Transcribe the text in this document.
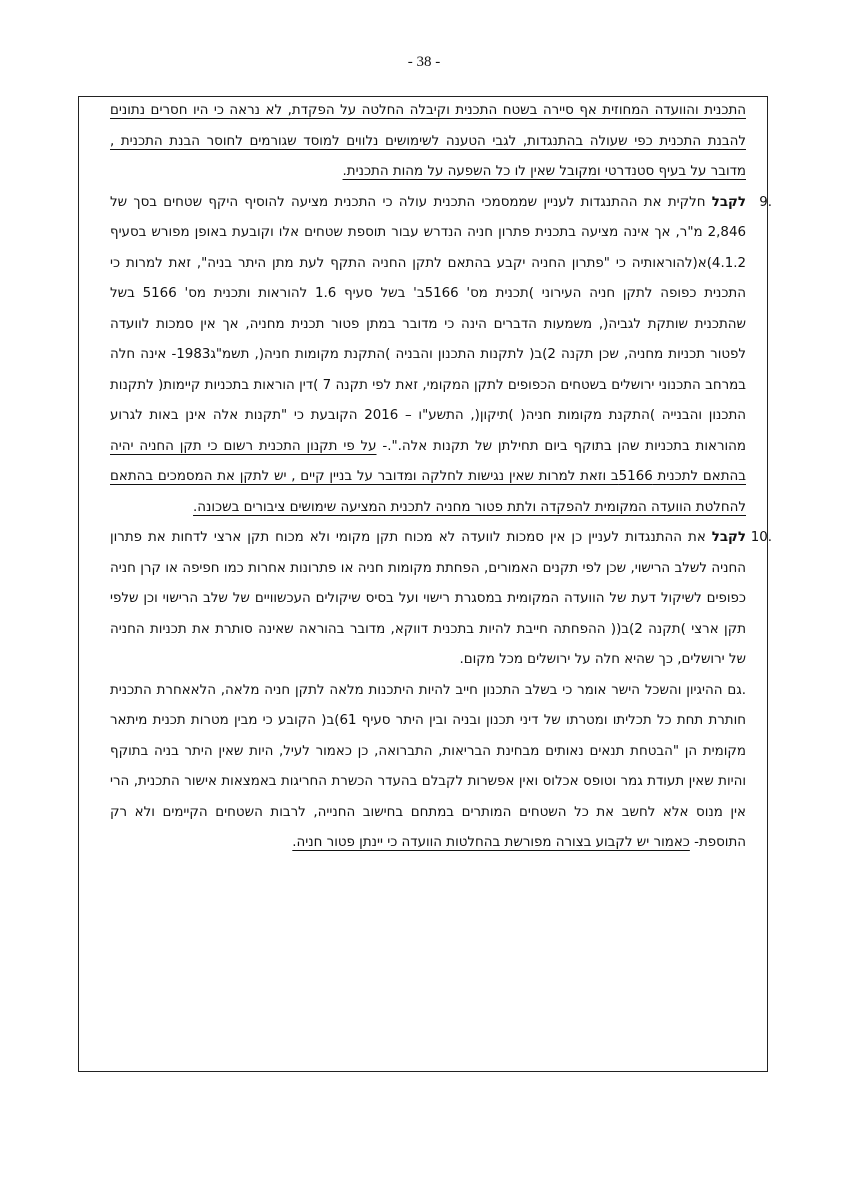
- 38 -

התכנית והוועדה המחוזית אף סיירה בשטח התכנית וקיבלה החלטה על הפקדת, לא נראה כי היו חסרים נתונים להבנת התכנית כפי שעולה בהתנגדות, לגבי הטענה לשימושים נלווים למוסד שגורמים לחוסר הבנת התכנית , מדובר על בעיף סטנדרטי ומקובל שאין לו כל השפעה על מהות התכנית.

9.

לקבל חלקית את ההתנגדות לעניין שממסמכי התכנית עולה כי התכנית מציעה להוסיף היקף שטחים בסך של 2,846 מ"ר, אך אינה מציעה בתכנית פתרון חניה הנדרש עבור תוספת שטחים אלו וקובעת באופן מפורש בסעיף 4.1.2)א(להוראותיה כי "פתרון החניה יקבע בהתאם לתקן החניה התקף לעת מתן היתר בניה", זאת למרות כי התכנית כפופה לתקן חניה העירוני )תכנית מס' 5166ב' בשל סעיף 1.6 להוראות ותכנית מס' 5166 בשל שהתכנית שותקת לגביה(, משמעות הדברים הינה כי מדובר במתן פטור תכנית מחניה, אך אין סמכות לוועדה לפטור תכניות מחניה, שכן תקנה 2)ב( לתקנות התכנון והבניה )התקנת מקומות חניה(, תשמ"ג1983- אינה חלה במרחב התכנוני ירושלים בשטחים הכפופים לתקן המקומי, זאת לפי תקנה 7 )דין הוראות בתכניות קיימות( לתקנות התכנון והבנייה )התקנת מקומות חניה( )תיקון(, התשע"ו – 2016 הקובעת כי "תקנות אלה אינן באות לגרוע מהוראות בתכניות שהן בתוקף ביום תחילתן של תקנות אלה.".- על פי תקנון התכנית רשום כי תקן החניה יהיה בהתאם לתכנית 5166ב וזאת למרות שאין נגישות לחלקה ומדובר על בניין קיים , יש לתקן את המסמכים בהתאם להחלטת הוועדה המקומית להפקדה ולתת פטור מחניה לתכנית המציעה שימושים ציבורים בשכונה.

10.

לקבל את ההתנגדות לעניין כן אין סמכות לוועדה לא מכוח תקן מקומי ולא מכוח תקן ארצי לדחות את פתרון החניה לשלב הרישוי, שכן לפי תקנים האמורים, הפחתת מקומות חניה או פתרונות אחרות כמו חפיפה או קרן חניה כפופים לשיקול דעת של הוועדה המקומית במסגרת רישוי ועל בסיס שיקולים העכשוויים של שלב הרישוי וכן שלפי תקן ארצי )תקנה 2)ב(( ההפחתה חייבת להיות בתכנית דווקא, מדובר בהוראה שאינה סותרת את תכניות החניה של ירושלים, כך שהיא חלה על ירושלים מכל מקום.

.גם ההיגיון והשכל הישר אומר כי בשלב התכנון חייב להיות היתכנות מלאה לתקן חניה מלאה, הלאאחרת התכנית חותרת תחת כל תכליתו ומטרתו של דיני תכנון ובניה ובין היתר סעיף 61)ב( הקובע כי מבין מטרות תכנית מיתאר מקומית הן "הבטחת תנאים נאותים מבחינת הבריאות, התברואה, כן כאמור לעיל, היות שאין היתר בניה בתוקף והיות שאין תעודת גמר וטופס אכלוס ואין אפשרות לקבלם בהעדר הכשרת החריגות באמצאות אישור התכנית, הרי אין מנוס אלא לחשב את כל השטחים המותרים במתחם בחישוב החנייה, לרבות השטחים הקיימים ולא רק התוספת- כאמור יש לקבוע בצורה מפורשת בהחלטות הוועדה כי יינתן פטור חניה.
